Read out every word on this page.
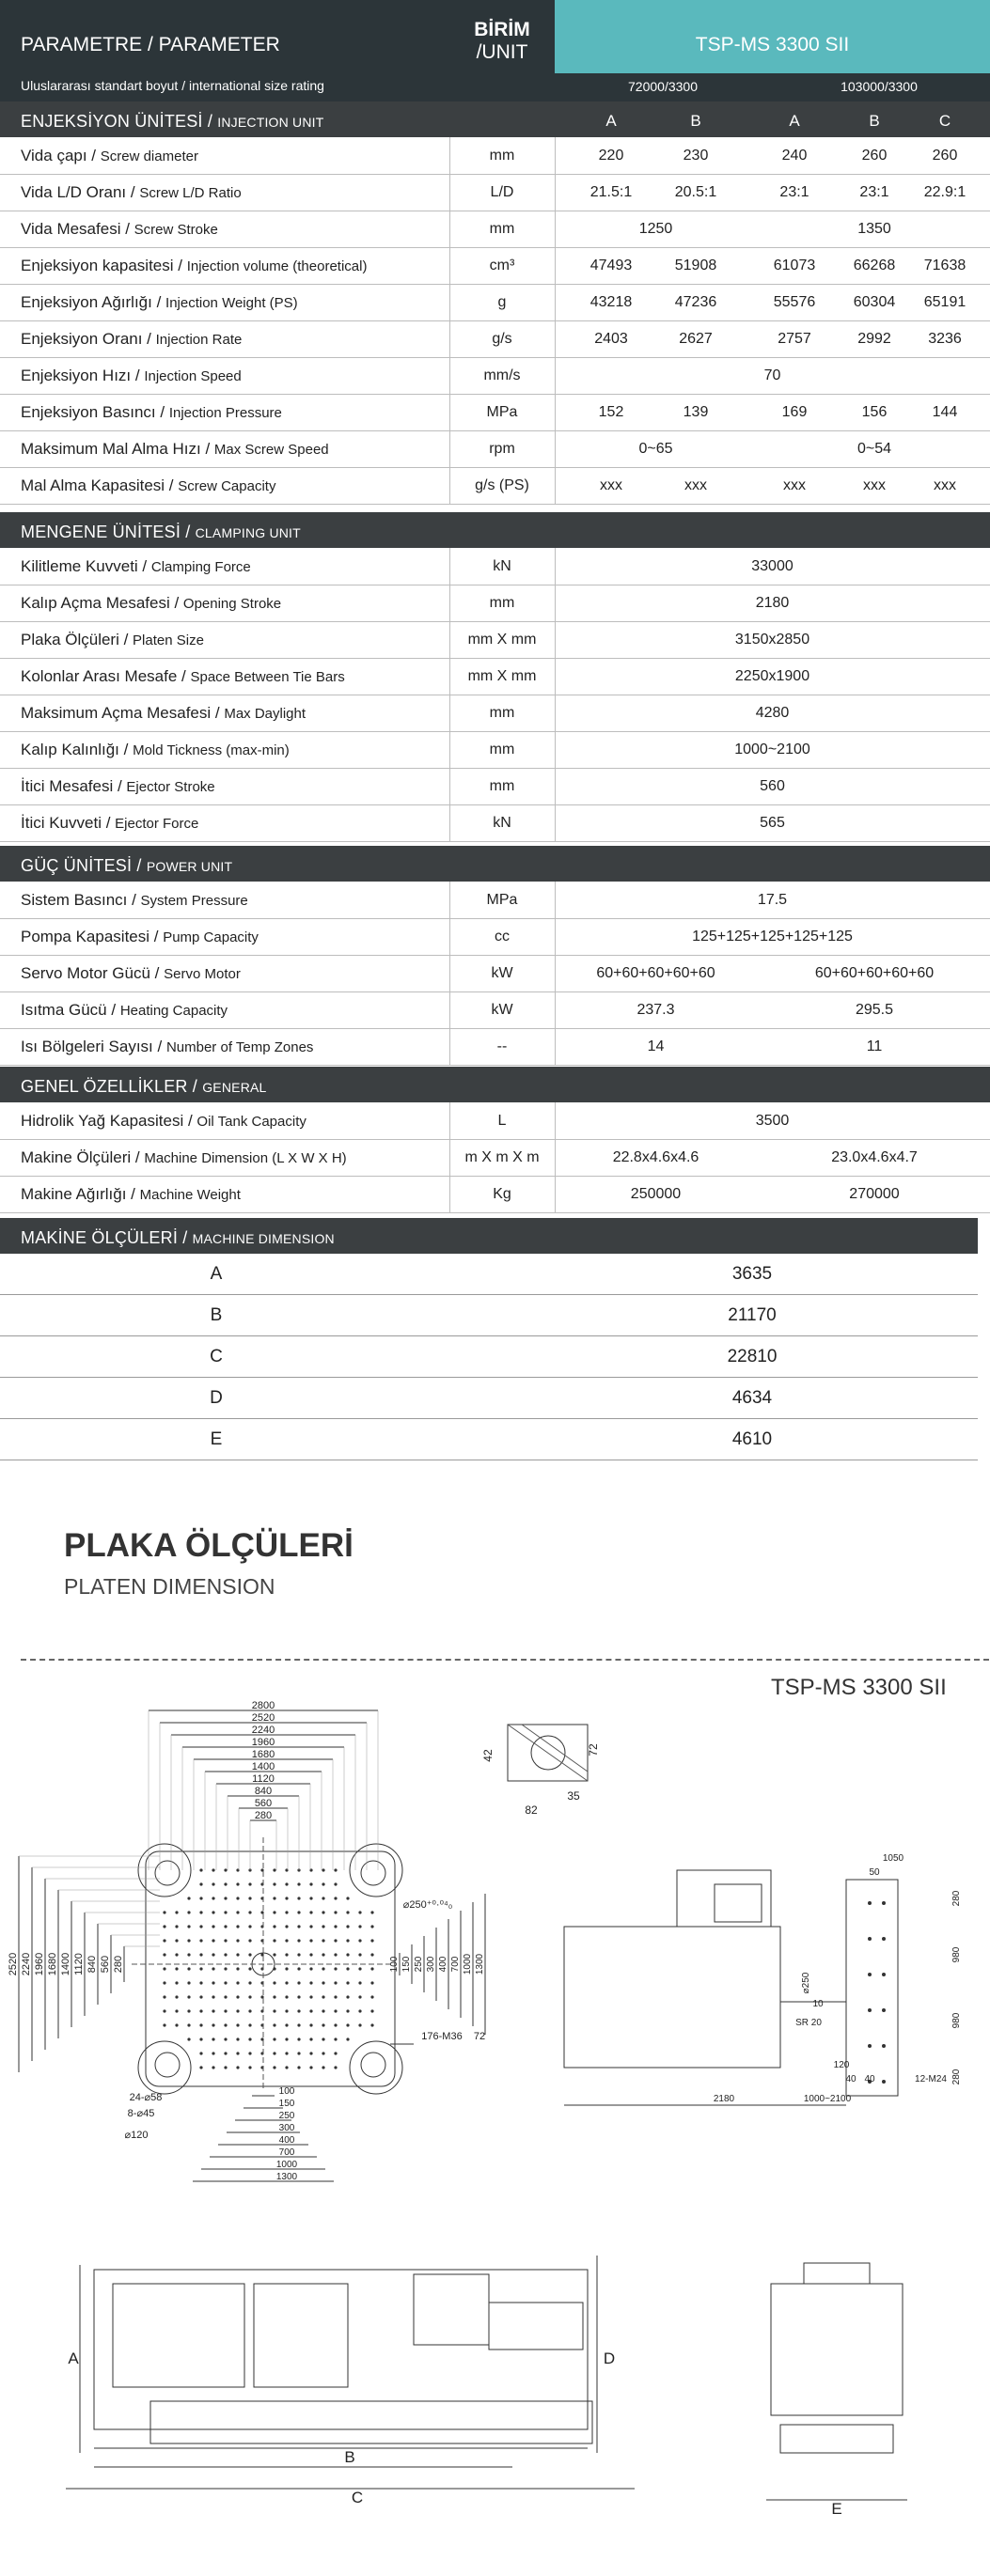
PARAMETRE / PARAMETER
BİRİM
/UNIT	TSP-MS 3300 SII
Uluslararası standart boyut / international size rating	72000/3300	103000/3300
ENJEKSİYON ÜNİTESİ / INJECTION UNIT	A	B	A	B	C
Vida çapı / Screw diameter	mm	220	230	240	260	260
Vida L/D Oranı / Screw L/D Ratio	L/D	21.5:1	20.5:1	23:1	23:1	22.9:1
Vida Mesafesi / Screw Stroke	mm	1250	1350
Enjeksiyon kapasitesi / Injection volume (theoretical)	cm³	47493	51908	61073	66268	71638
Enjeksiyon Ağırlığı / Injection Weight (PS)	g	43218	47236	55576	60304	65191
Enjeksiyon Oranı / Injection Rate	g/s	2403	2627	2757	2992	3236
Enjeksiyon Hızı / Injection Speed	mm/s	70
Enjeksiyon Basıncı / Injection Pressure	MPa	152	139	169	156	144
Maksimum Mal Alma Hızı / Max Screw Speed	rpm	0~65	0~54
Mal Alma Kapasitesi / Screw Capacity	g/s (PS)	xxx	xxx	xxx	xxx	xxx
MENGENE ÜNİTESİ / CLAMPING UNIT
Kilitleme Kuvveti / Clamping Force	kN	33000
Kalıp Açma Mesafesi / Opening Stroke	mm	2180
Plaka Ölçüleri / Platen Size	mm X mm	3150x2850
Kolonlar Arası Mesafe / Space Between Tie Bars	mm X mm	2250x1900
Maksimum Açma Mesafesi / Max Daylight	mm	4280
Kalıp Kalınlığı / Mold Tickness (max-min)	mm	1000~2100
İtici Mesafesi / Ejector Stroke	mm	560
İtici Kuvveti / Ejector Force	kN	565
GÜÇ ÜNİTESİ / POWER UNIT
Sistem Basıncı / System Pressure	MPa	17.5
Pompa Kapasitesi / Pump Capacity	cc	125+125+125+125+125
Servo Motor Gücü / Servo Motor	kW	60+60+60+60+60	60+60+60+60+60
Isıtma Gücü / Heating Capacity	kW	237.3	295.5
Isı Bölgeleri Sayısı / Number of Temp Zones	--	14	11
GENEL ÖZELLİKLER / GENERAL
Hidrolik Yağ Kapasitesi / Oil Tank Capacity	L	3500
Makine Ölçüleri / Machine Dimension (L X W X H)	m X m X m	22.8x4.6x4.6	23.0x4.6x4.7
Makine Ağırlığı / Machine Weight	Kg	250000	270000
MAKİNE ÖLÇÜLERİ / MACHINE DIMENSION
A	3635
B	21170
C	22810
D	4634
E	4610
PLAKA ÖLÇÜLERİ
PLATEN DIMENSION
TSP-MS 3300 SII
2800
2520
2240
1960
1680
1400
1120
840
560
280
2520 2240 1960 1680 1400 1120 840 560 280	100 150 250 300 400 700 1000 1300
100
150
250
300
400
700
1000
1300
⌀250⁺⁰·⁰⁴₀
176-M36 72
24-⌀58
8-⌀45
⌀120
42	72
35
82
1050
50
280
980
980
280
⌀250
10
SR 20
120
40 40	12-M24
2180	1000~2100
A
B
C
D
E
